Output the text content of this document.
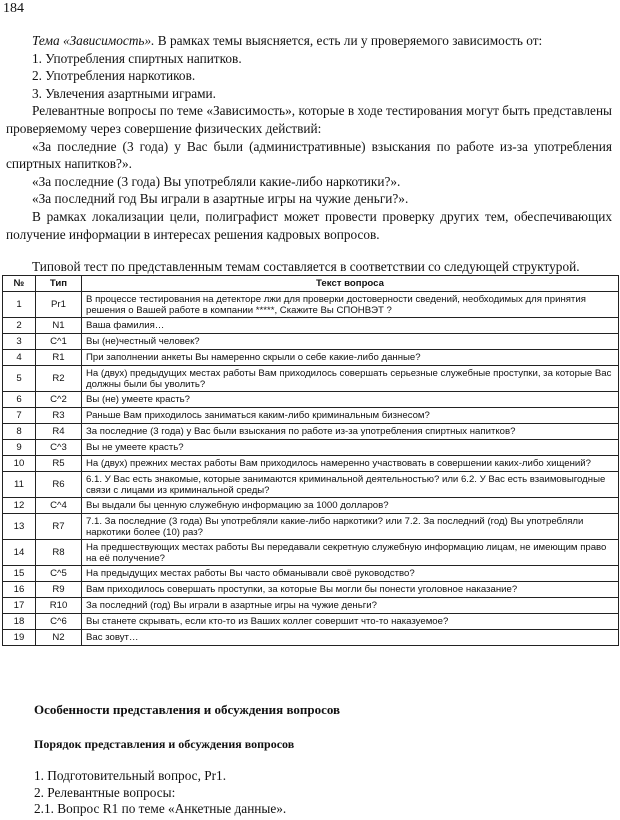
184

Тема «Зависимость». В рамках темы выясняется, есть ли у проверяемого зависимость от:

1. Употребления спиртных напитков.

2. Употребления наркотиков.

3. Увлечения азартными играми.

Релевантные вопросы по теме «Зависимость», которые в ходе тестирования могут быть представлены проверяемому через совершение физических действий:

«За последние (3 года) у Вас были (административные) взыскания по работе из-за употребления спиртных напитков?».

«За последние (3 года) Вы употребляли какие-либо наркотики?».

«За последний год Вы играли в азартные игры на чужие деньги?».

В рамках локализации цели, полиграфист может провести проверку других тем, обеспечивающих получение информации в интересах решения кадровых вопросов.

Типовой тест по представленным темам составляется в соответствии со следующей структурой.

№	Тип	Текст вопроса
1	Pr1	В процессе тестирования на детекторе лжи для проверки достоверности сведений, необходимых для принятия решения о Вашей работе в компании *****, Скажите Вы СПОНВЭТ ?
2	N1	Ваша фамилия…
3	C^1	Вы (не)честный человек?
4	R1	При заполнении анкеты Вы намеренно скрыли о себе какие-либо данные?
5	R2	На (двух) предыдущих местах работы Вам приходилось совершать серьезные служебные проступки, за которые Вас должны были бы уволить?
6	C^2	Вы (не) умеете красть?
7	R3	Раньше Вам приходилось заниматься каким-либо криминальным бизнесом?
8	R4	За последние (3 года) у Вас были взыскания по работе из-за употребления спиртных напитков?
9	C^3	Вы не умеете красть?
10	R5	На (двух) прежних местах работы Вам приходилось намеренно участвовать в совершении каких-либо хищений?
11	R6	6.1. У Вас есть знакомые, которые занимаются криминальной деятельностью? или 6.2. У Вас есть взаимовыгодные связи с лицами из криминальной среды?
12	C^4	Вы выдали бы ценную служебную информацию за 1000 долларов?
13	R7	7.1. За последние (3 года) Вы употребляли какие-либо наркотики? или 7.2. За последний (год) Вы употребляли наркотики более (10) раз?
14	R8	На предшествующих местах работы Вы передавали секретную служебную информацию лицам, не имеющим право на её получение?
15	C^5	На предыдущих местах работы Вы часто обманывали своё руководство?
16	R9	Вам приходилось совершать проступки, за которые Вы могли бы понести уголовное наказание?
17	R10	За последний (год) Вы играли в азартные игры на чужие деньги?
18	C^6	Вы станете скрывать, если кто-то из Ваших коллег совершит что-то наказуемое?
19	N2	Вас зовут…
Особенности представления и обсуждения вопросов
Порядок представления и обсуждения вопросов

1. Подготовительный вопрос, Pr1.

2. Релевантные вопросы:

2.1. Вопрос R1 по теме «Анкетные данные».
